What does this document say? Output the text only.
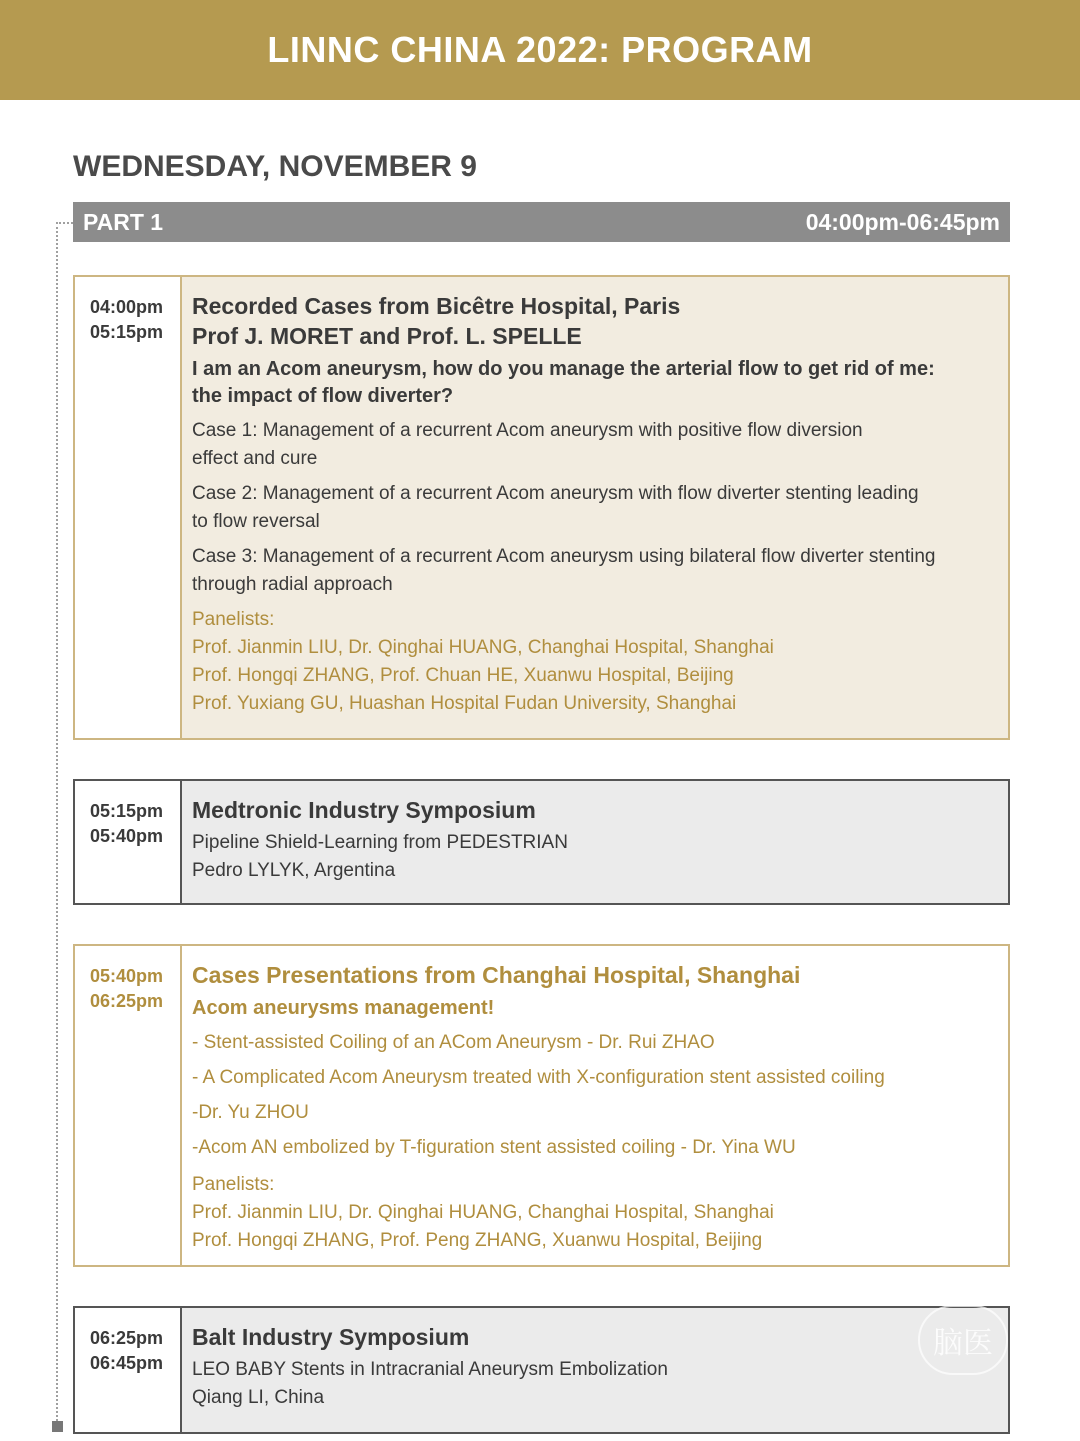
LINNC CHINA 2022: PROGRAM
WEDNESDAY, NOVEMBER 9
PART 1	04:00pm-06:45pm
04:00pm
05:15pm
Recorded Cases from Bicêtre Hospital, Paris
Prof J. MORET and Prof. L. SPELLE
I am an Acom aneurysm, how do you manage the arterial flow to get rid of me:
the impact of flow diverter?
Case 1: Management of a recurrent Acom aneurysm with positive flow diversion
effect and cure
Case 2: Management of a recurrent Acom aneurysm with flow diverter stenting leading
to flow reversal
Case 3: Management of a recurrent Acom aneurysm using bilateral flow diverter stenting
through radial approach
Panelists:
Prof. Jianmin LIU, Dr. Qinghai HUANG, Changhai Hospital, Shanghai
Prof. Hongqi ZHANG, Prof. Chuan HE, Xuanwu Hospital, Beijing
Prof. Yuxiang GU, Huashan Hospital Fudan University, Shanghai
05:15pm
05:40pm
Medtronic Industry Symposium
Pipeline Shield-Learning from PEDESTRIAN
Pedro LYLYK, Argentina
05:40pm
06:25pm
Cases Presentations from Changhai Hospital, Shanghai
Acom aneurysms management!
- Stent-assisted Coiling of an ACom Aneurysm - Dr. Rui ZHAO
- A Complicated Acom Aneurysm treated with X-configuration stent assisted coiling
-Dr. Yu ZHOU
-Acom AN embolized by T-figuration stent assisted coiling - Dr. Yina WU
Panelists:
Prof. Jianmin LIU, Dr. Qinghai HUANG, Changhai Hospital, Shanghai
Prof. Hongqi ZHANG, Prof. Peng ZHANG, Xuanwu Hospital, Beijing
06:25pm
06:45pm
Balt Industry Symposium
LEO BABY Stents in Intracranial Aneurysm Embolization
Qiang LI, China
脑医
